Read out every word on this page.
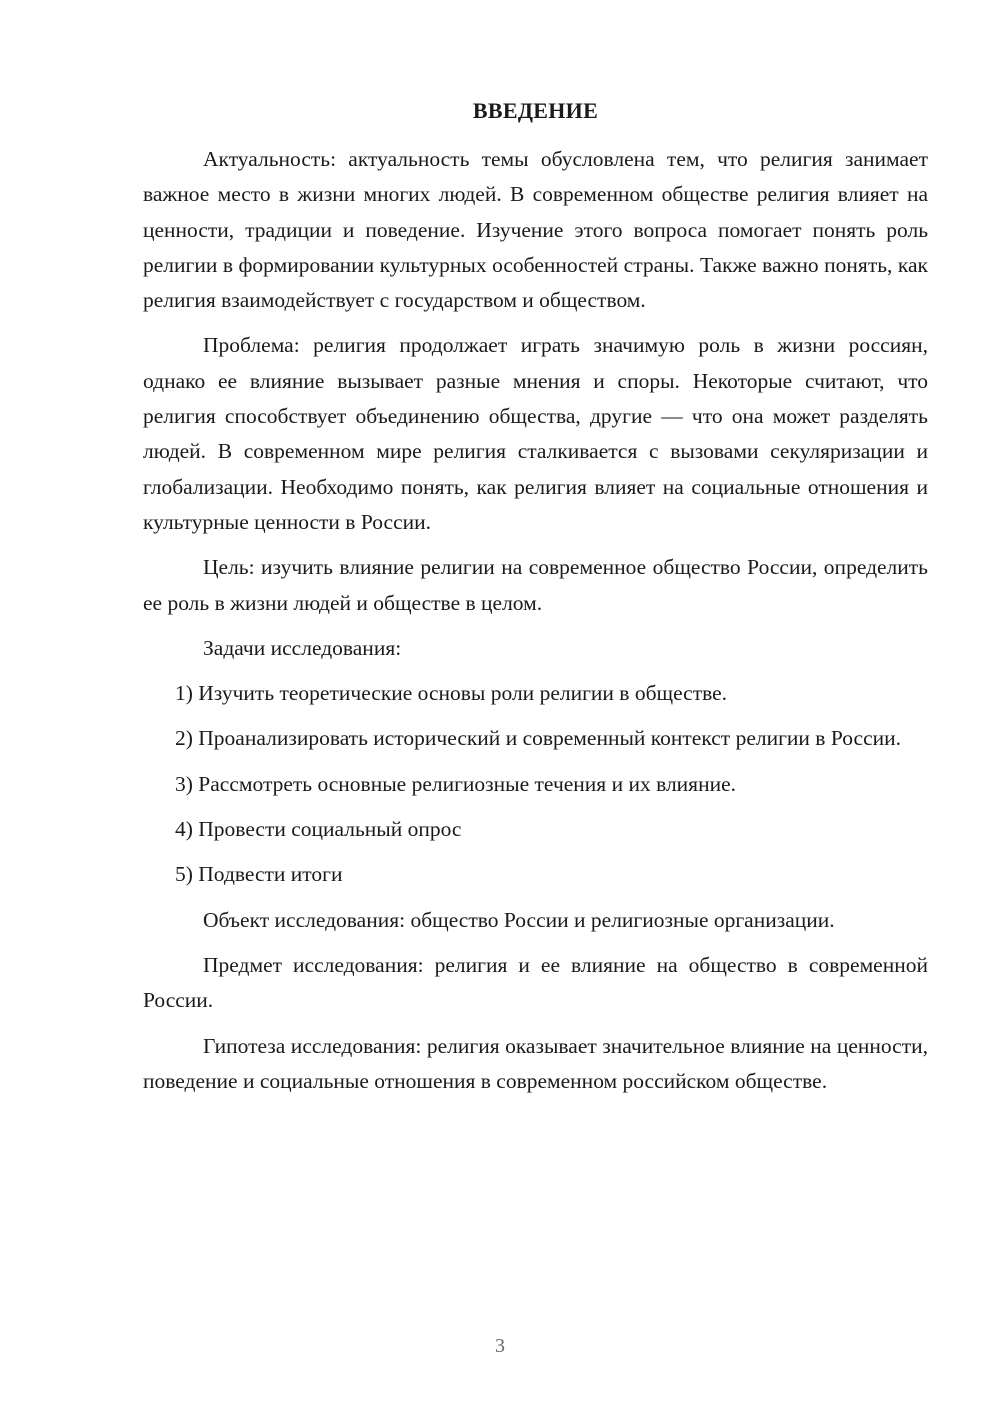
ВВЕДЕНИЕ

Актуальность: актуальность темы обусловлена тем, что религия занимает важное место в жизни многих людей. В современном обществе религия влияет на ценности, традиции и поведение. Изучение этого вопроса помогает понять роль религии в формировании культурных особенностей страны. Также важно понять, как религия взаимодействует с государством и обществом.

Проблема: религия продолжает играть значимую роль в жизни россиян, однако ее влияние вызывает разные мнения и споры. Некоторые считают, что религия способствует объединению общества, другие — что она может разделять людей. В современном мире религия сталкивается с вызовами секуляризации и глобализации. Необходимо понять, как религия влияет на социальные отношения и культурные ценности в России.

Цель: изучить влияние религии на современное общество России, определить ее роль в жизни людей и обществе в целом.

Задачи исследования:

1) Изучить теоретические основы роли религии в обществе.

2) Проанализировать исторический и современный контекст религии в России.

3) Рассмотреть основные религиозные течения и их влияние.

4) Провести социальный опрос

5) Подвести итоги

Объект исследования: общество России и религиозные организации.

Предмет исследования: религия и ее влияние на общество в современной России.

Гипотеза исследования: религия оказывает значительное влияние на ценности, поведение и социальные отношения в современном российском обществе.

3
